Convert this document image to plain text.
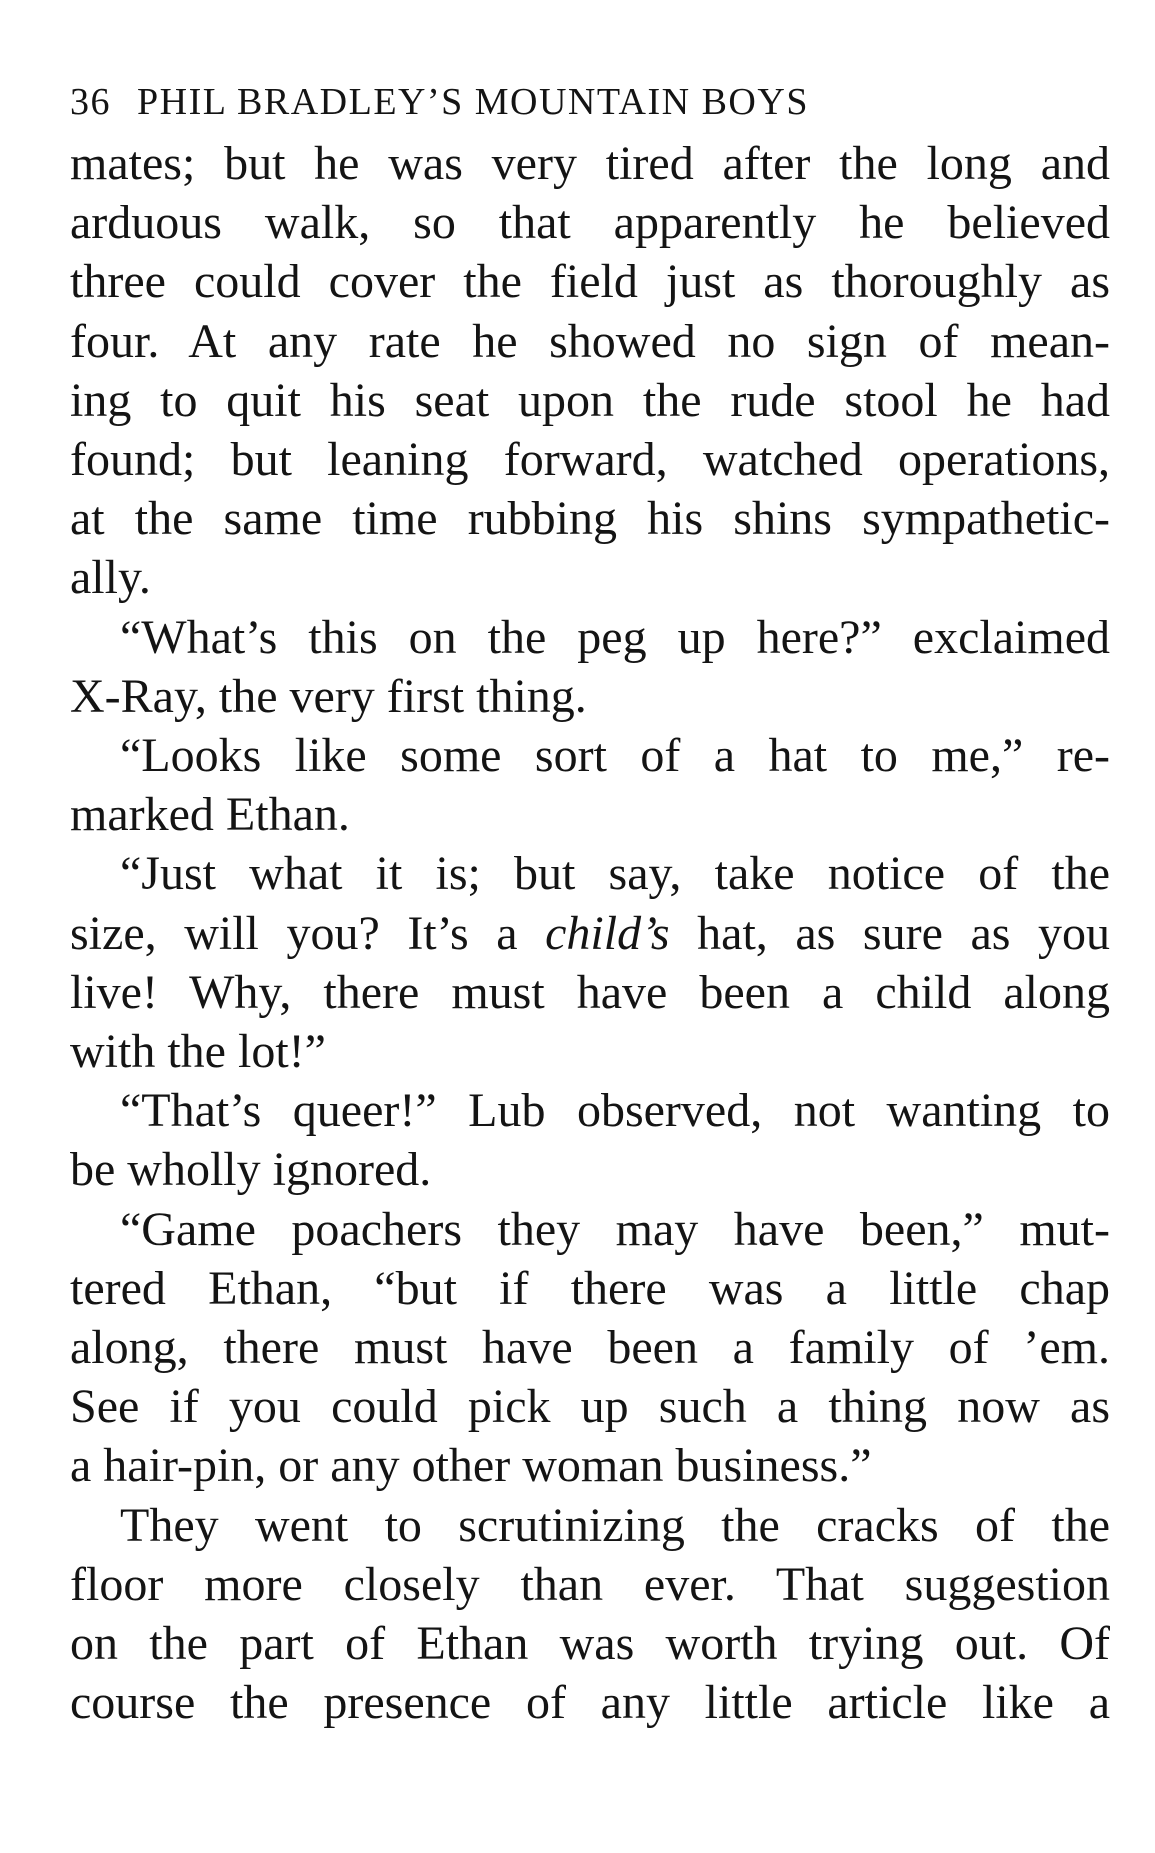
36 PHIL BRADLEY’S MOUNTAIN BOYS
mates; but he was very tired after the long and
arduous walk, so that apparently he believed
three could cover the field just as thoroughly as
four. At any rate he showed no sign of mean-
ing to quit his seat upon the rude stool he had
found; but leaning forward, watched operations,
at the same time rubbing his shins sympathetic-
ally.
“What’s this on the peg up here?” exclaimed
X-Ray, the very first thing.
“Looks like some sort of a hat to me,” re-
marked Ethan.
“Just what it is; but say, take notice of the
size, will you? It’s a child’s hat, as sure as you
live! Why, there must have been a child along
with the lot!”
“That’s queer!” Lub observed, not wanting to
be wholly ignored.
“Game poachers they may have been,” mut-
tered Ethan, “but if there was a little chap
along, there must have been a family of ’em.
See if you could pick up such a thing now as
a hair-pin, or any other woman business.”
They went to scrutinizing the cracks of the
floor more closely than ever. That suggestion
on the part of Ethan was worth trying out. Of
course the presence of any little article like a
